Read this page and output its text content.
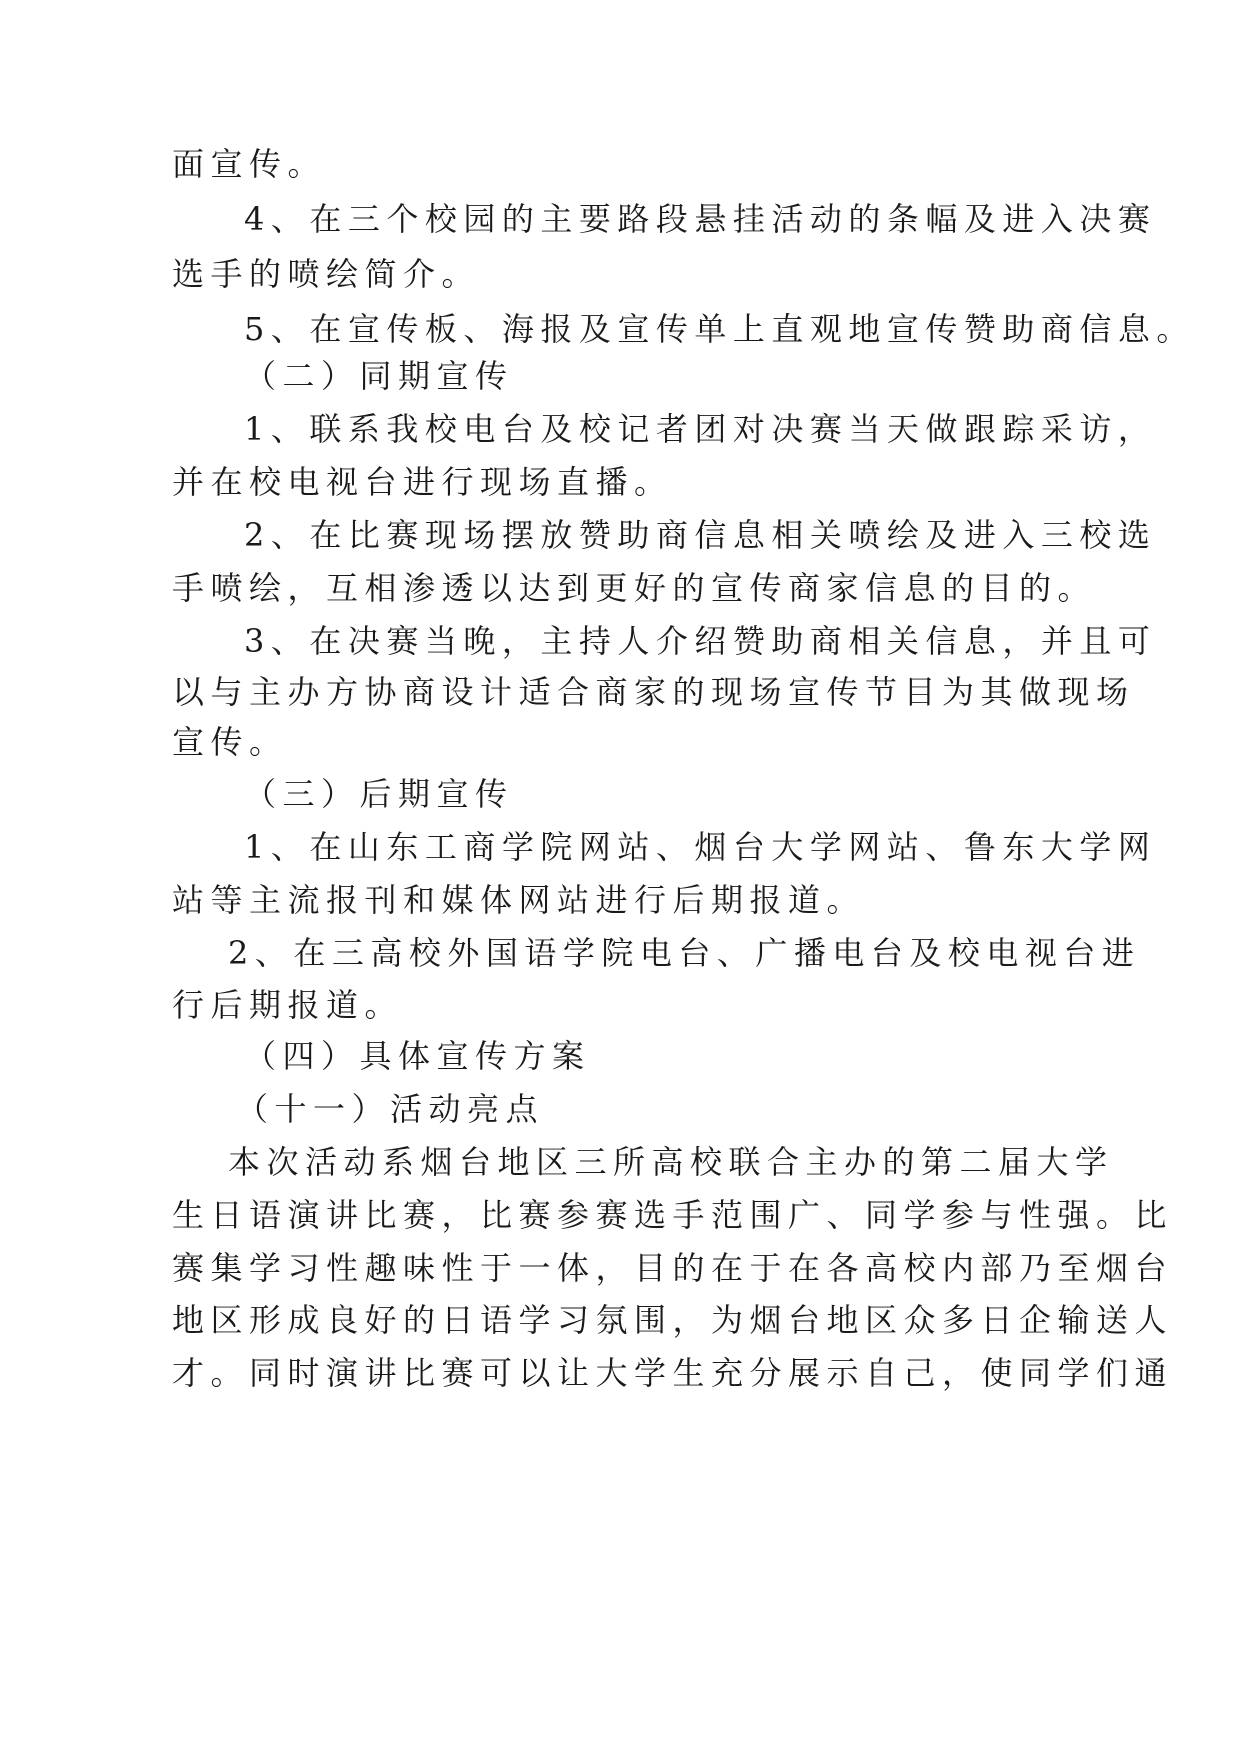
面宣传。
4、在三个校园的主要路段悬挂活动的条幅及进入决赛
选手的喷绘简介。
5、在宣传板、海报及宣传单上直观地宣传赞助商信息。
（二）同期宣传
1、联系我校电台及校记者团对决赛当天做跟踪采访，
并在校电视台进行现场直播。
2、在比赛现场摆放赞助商信息相关喷绘及进入三校选
手喷绘，互相渗透以达到更好的宣传商家信息的目的。
3、在决赛当晚，主持人介绍赞助商相关信息，并且可
以与主办方协商设计适合商家的现场宣传节目为其做现场
宣传。
（三）后期宣传
1、在山东工商学院网站、烟台大学网站、鲁东大学网
站等主流报刊和媒体网站进行后期报道。
2、在三高校外国语学院电台、广播电台及校电视台进
行后期报道。
（四）具体宣传方案
（十一）活动亮点
本次活动系烟台地区三所高校联合主办的第二届大学
生日语演讲比赛，比赛参赛选手范围广、同学参与性强。比
赛集学习性趣味性于一体，目的在于在各高校内部乃至烟台
地区形成良好的日语学习氛围，为烟台地区众多日企输送人
才。同时演讲比赛可以让大学生充分展示自己，使同学们通
